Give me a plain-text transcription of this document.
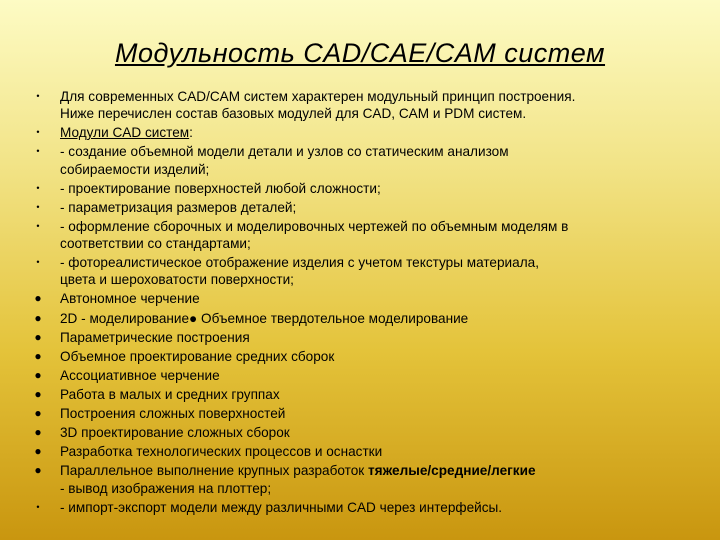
Модульность CAD/CAE/CAM систем
•	Для современных CAD/CAM систем характерен модульный принцип построения.
Ниже перечислен состав базовых модулей для CAD, CAM и PDM систем.
•	Модули CAD систем:
•	- создание объемной модели детали и узлов со статическим анализом
собираемости изделий;
•	- проектирование поверхностей любой сложности;
•	- параметризация размеров деталей;
•	- оформление сборочных и моделировочных чертежей по объемным моделям в
соответствии со стандартами;
•	- фотореалистическое отображение изделия с учетом текстуры материала,
цвета и шероховатости поверхности;
● Автономное черчение
● 2D - моделирование● Объемное твердотельное моделирование
● Параметрические построения
● Объемное проектирование средних сборок
● Ассоциативное черчение
● Работа в малых и средних группах
● Построения сложных поверхностей
● 3D проектирование сложных сборок
● Разработка технологических процессов и оснастки
● Параллельное выполнение крупных разработок тяжелые/средние/легкие
- вывод изображения на плоттер;
•	- импорт-экспорт модели между различными CAD через интерфейсы.
